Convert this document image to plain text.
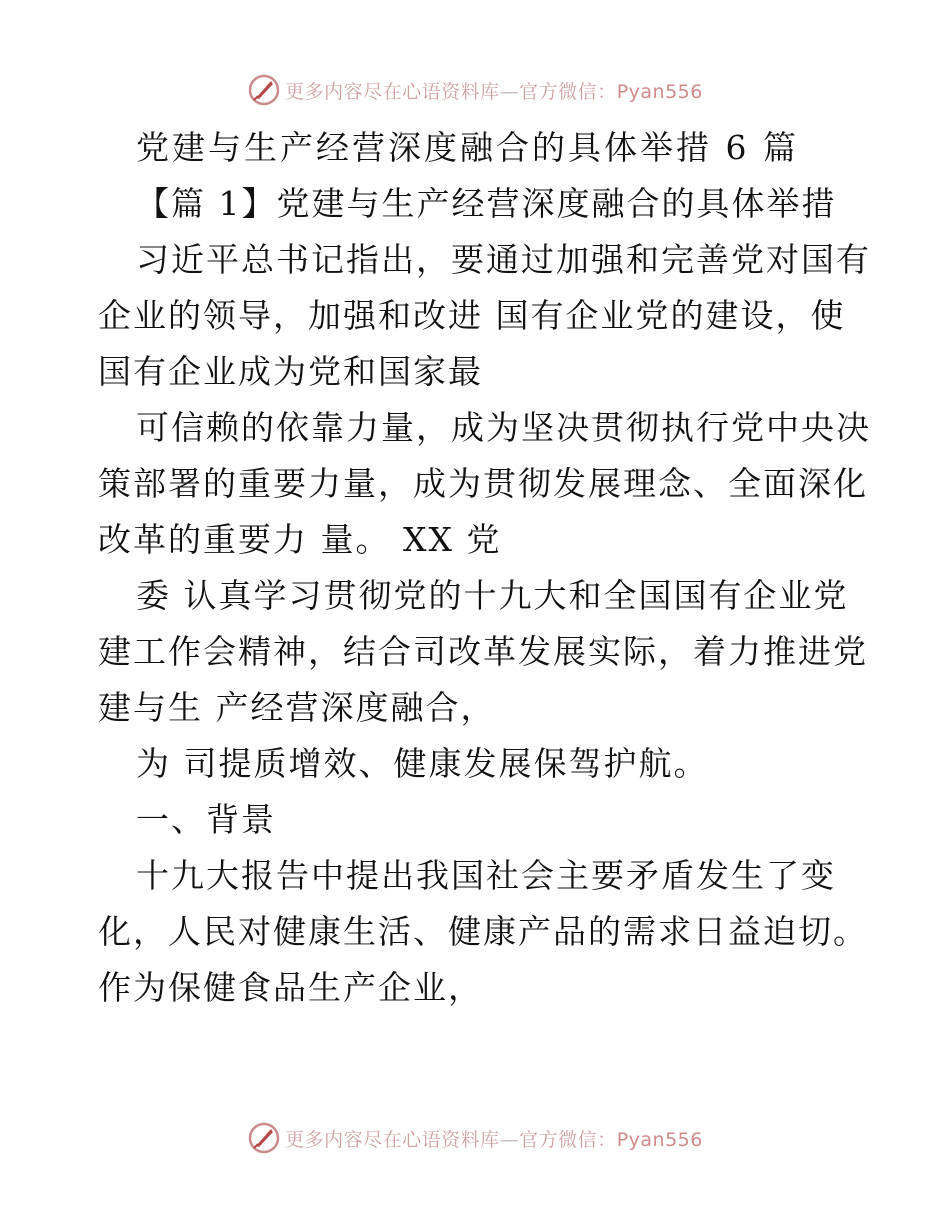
更多内容尽在心语资料库—官方微信：Pyan556

党建与生产经营深度融合的具体举措 6 篇

【篇 1】党建与生产经营深度融合的具体举措

习近平总书记指出，要通过加强和完善党对国有

企业的领导，加强和改进 国有企业党的建设，使

国有企业成为党和国家最

可信赖的依靠力量，成为坚决贯彻执行党中央决

策部署的重要力量，成为贯彻发展理念、全面深化

改革的重要力 量。 XX 党

委 认真学习贯彻党的十九大和全国国有企业党

建工作会精神，结合司改革发展实际，着力推进党

建与生 产经营深度融合，

为 司提质增效、健康发展保驾护航。

一、背景

十九大报告中提出我国社会主要矛盾发生了变

化，人民对健康生活、健康产品的需求日益迫切。

作为保健食品生产企业，

更多内容尽在心语资料库—官方微信：Pyan556
